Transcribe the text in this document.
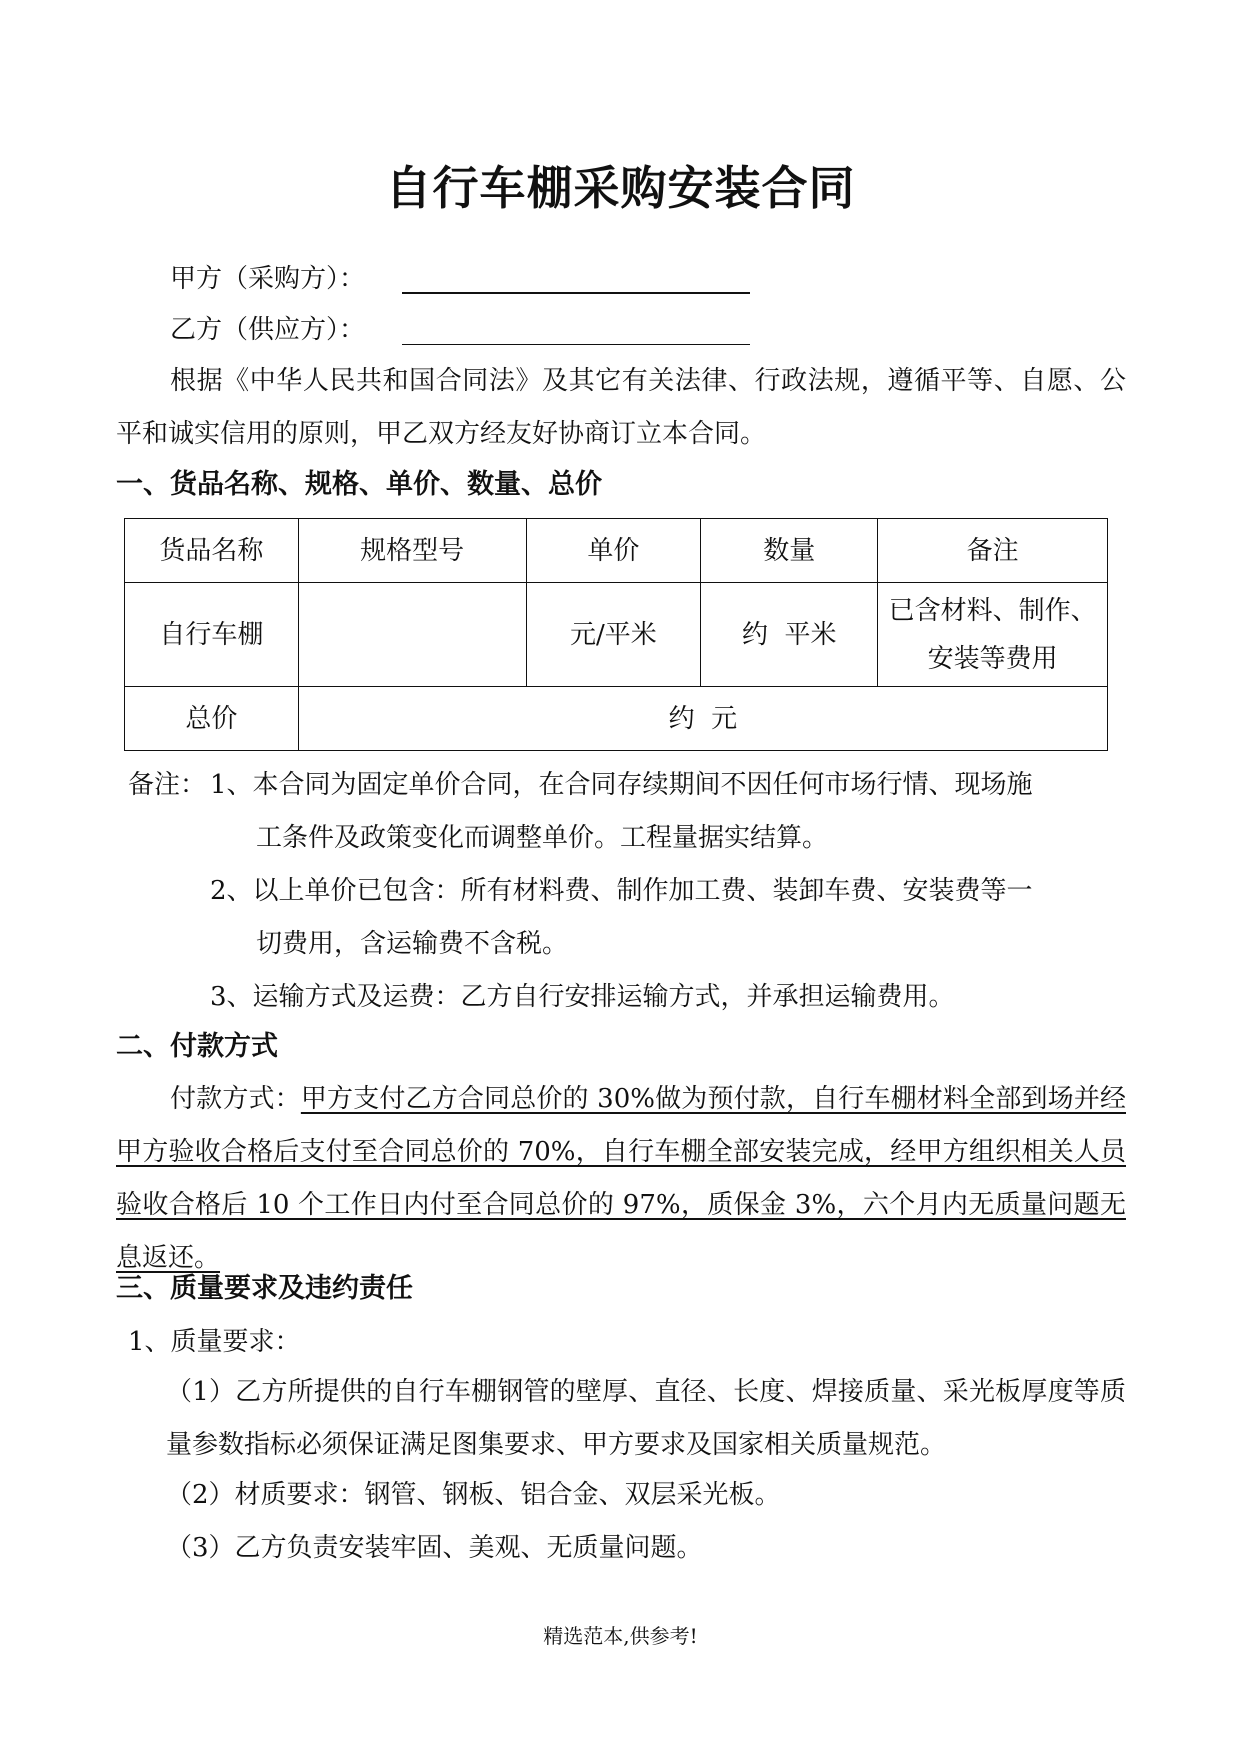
自行车棚采购安装合同
甲方（采购方）：
乙方（供应方）：
根据《中华人民共和国合同法》及其它有关法律、行政法规，遵循平等、自愿、公平和诚实信用的原则，甲乙双方经友好协商订立本合同。
一、货品名称、规格、单价、数量、总价
货品名称	规格型号	单价	数量	备注
自行车棚		元/平米	约  平米	已含材料、制作、
安装等费用

总价	约  元			
备注： 1、本合同为固定单价合同，在合同存续期间不因任何市场行情、现场施
工条件及政策变化而调整单价。工程量据实结算。
2、以上单价已包含：所有材料费、制作加工费、装卸车费、安装费等一
切费用，含运输费不含税。
3、运输方式及运费：乙方自行安排运输方式，并承担运输费用。
二、付款方式
付款方式：甲方支付乙方合同总价的 30%做为预付款，自行车棚材料全部到场并经甲方验收合格后支付至合同总价的 70%，自行车棚全部安装完成，经甲方组织相关人员验收合格后 10 个工作日内付至合同总价的 97%，质保金 3%，六个月内无质量问题无息返还。
三、质量要求及违约责任
1、质量要求：
（1）乙方所提供的自行车棚钢管的壁厚、直径、长度、焊接质量、采光板厚度等质量参数指标必须保证满足图集要求、甲方要求及国家相关质量规范。
（2）材质要求：钢管、钢板、铝合金、双层采光板。
（3）乙方负责安装牢固、美观、无质量问题。
精选范本,供参考!
